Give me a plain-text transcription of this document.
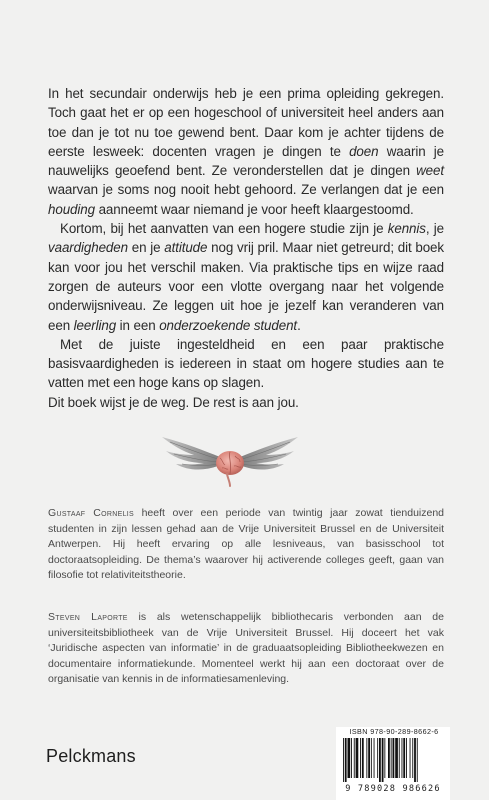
In het secundair onderwijs heb je een prima opleiding gekregen. Toch gaat het er op een hogeschool of universiteit heel anders aan toe dan je tot nu toe gewend bent. Daar kom je achter tijdens de eerste lesweek: docenten vragen je dingen te doen waarin je nauwelijks geoefend bent. Ze veronderstellen dat je dingen weet waarvan je soms nog nooit hebt gehoord. Ze verlangen dat je een houding aanneemt waar niemand je voor heeft klaargestoomd.

Kortom, bij het aanvatten van een hogere studie zijn je kennis, je vaardigheden en je attitude nog vrij pril. Maar niet getreurd; dit boek kan voor jou het verschil maken. Via praktische tips en wijze raad zorgen de auteurs voor een vlotte overgang naar het volgende onderwijsniveau. Ze leggen uit hoe je jezelf kan veranderen van een leerling in een onderzoekende student.

Met de juiste ingesteldheid en een paar praktische basisvaardigheden is iedereen in staat om hogere studies aan te vatten met een hoge kans op slagen.

Dit boek wijst je de weg. De rest is aan jou.

Gustaaf Cornelis heeft over een periode van twintig jaar zowat tienduizend studenten in zijn lessen gehad aan de Vrije Universiteit Brussel en de Universiteit Antwerpen. Hij heeft ervaring op alle lesniveaus, van basisschool tot doctoraatsopleiding. De thema’s waarover hij activerende colleges geeft, gaan van filosofie tot relativiteitstheorie.

Steven Laporte is als wetenschappelijk bibliothecaris verbonden aan de universiteitsbibliotheek van de Vrije Universiteit Brussel. Hij doceert het vak ‘Juridische aspecten van informatie’ in de graduaatsopleiding Bibliotheekwezen en documentaire informatiekunde. Momenteel werkt hij aan een doctoraat over de organisatie van kennis in de informatiesamenleving.

Pelckmans
ISBN 978-90-289-8662-6
9 789028 986626
